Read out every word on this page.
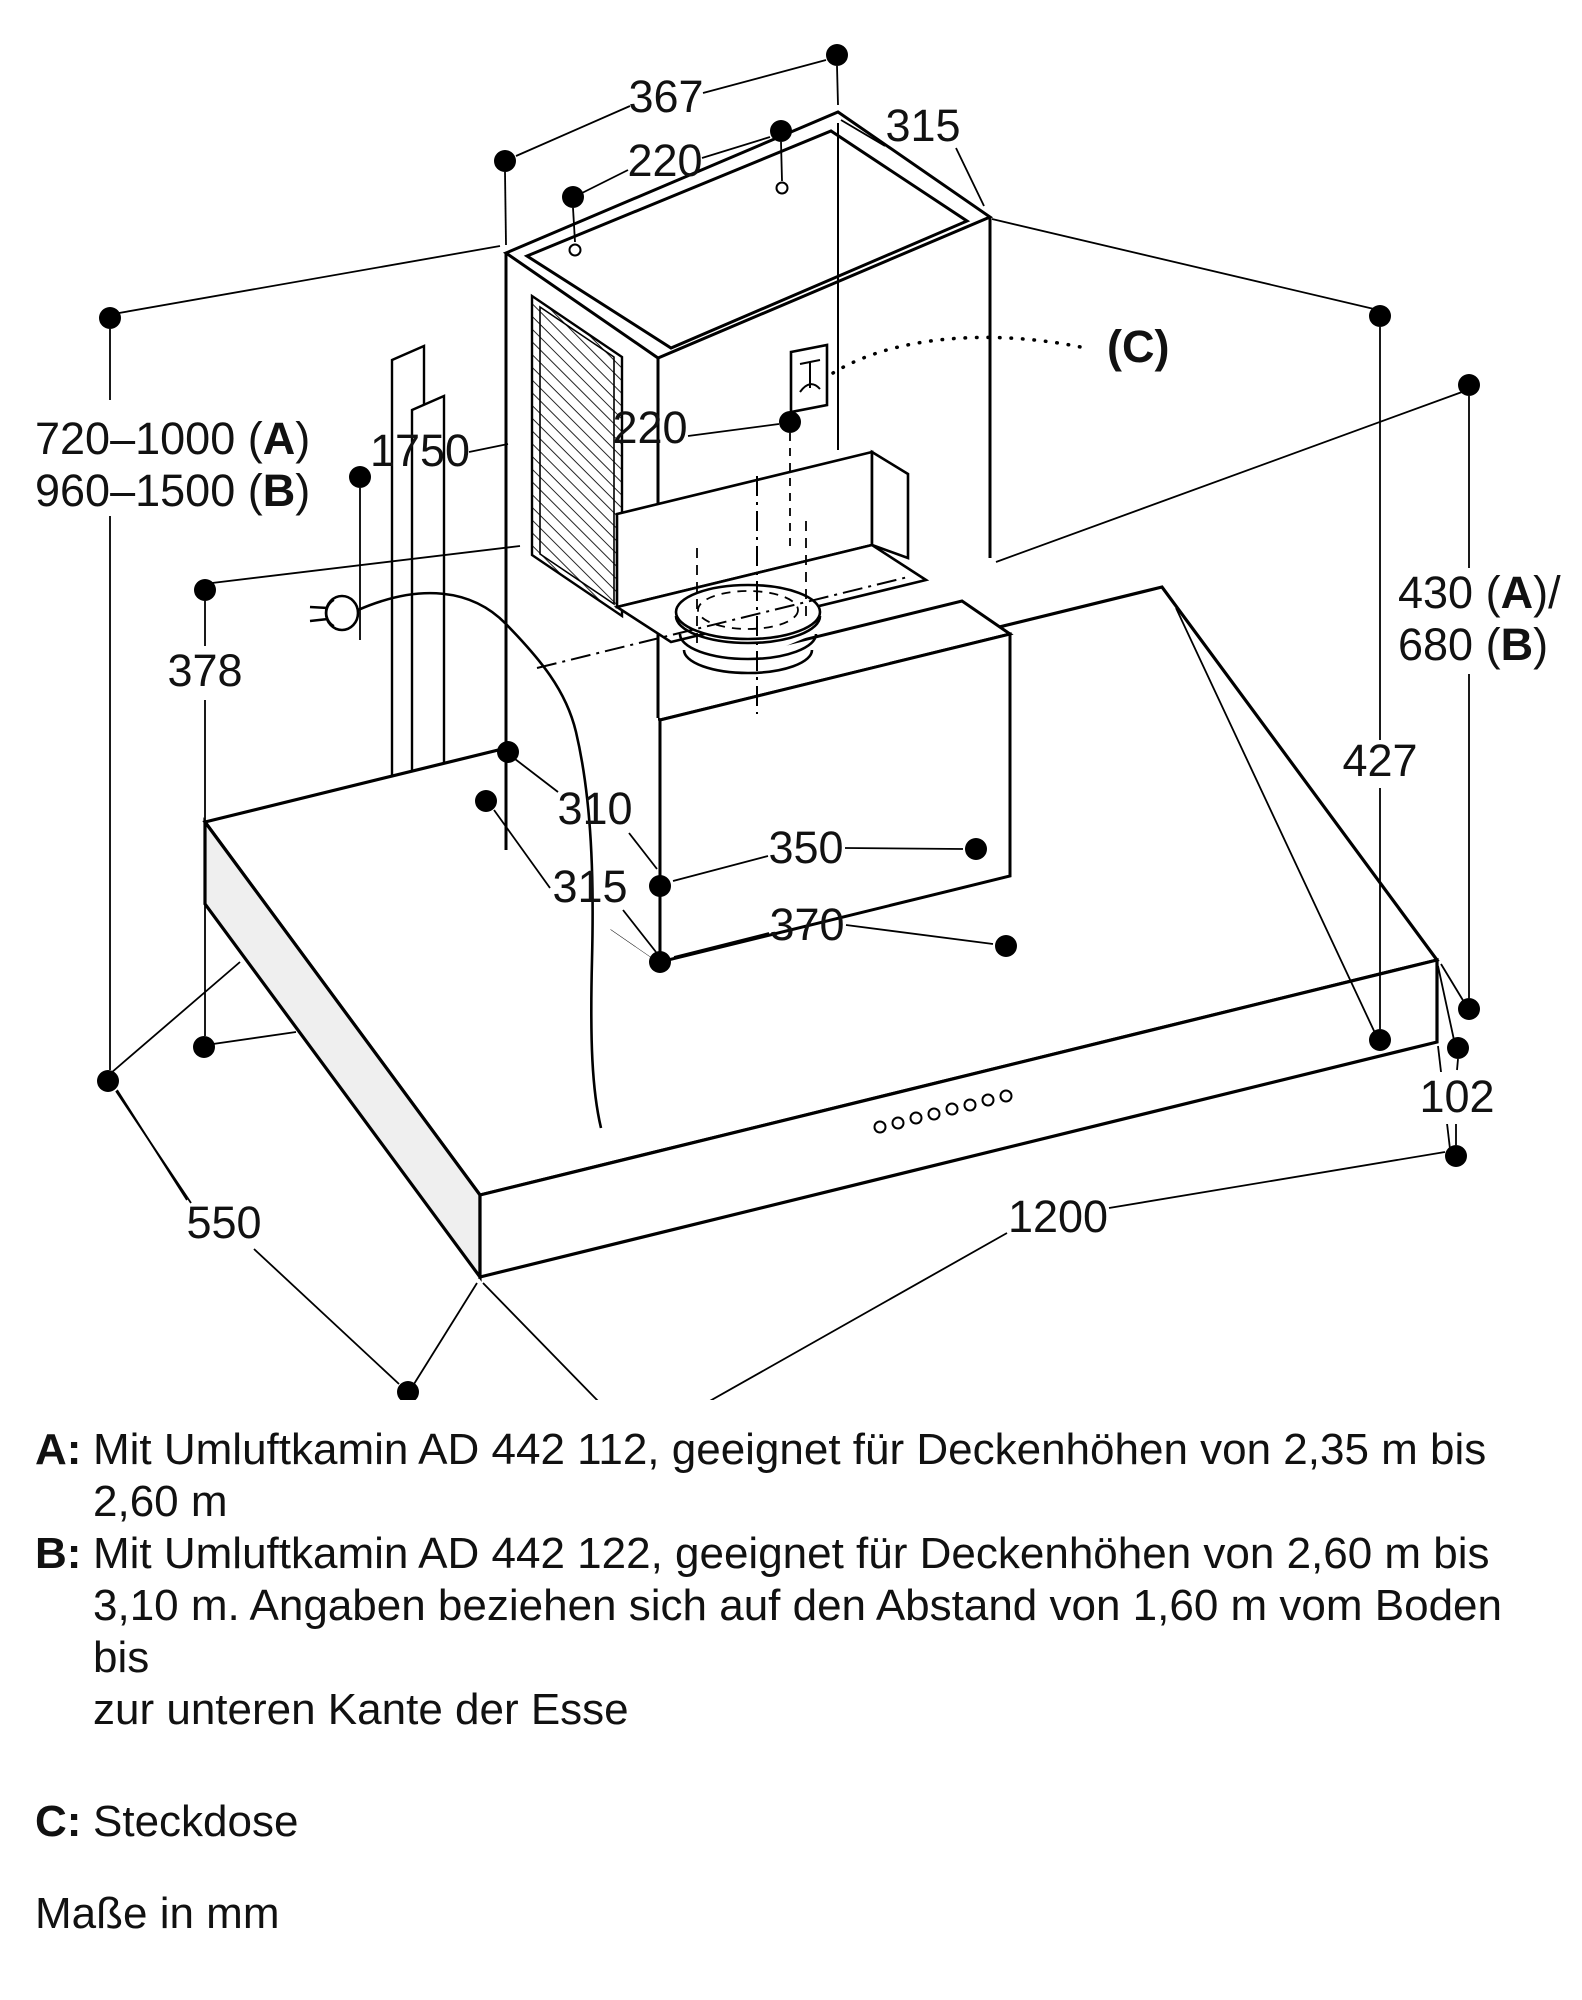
367
220
315
220
(C)
720–1000 (A)
960–1500 (B)
1750
378
310
315
350
370
430 (A)/
680 (B)
427
102
550	1200
A: Mit Umluftkamin AD 442 112, geeignet für Deckenhöhen von 2,35 m bis
2,60 m
B: Mit Umluftkamin AD 442 122, geeignet für Deckenhöhen von 2,60 m bis
3,10 m. Angaben beziehen sich auf den Abstand von 1,60 m vom Boden bis
zur unteren Kante der Esse
C: Steckdose
Maße in mm
